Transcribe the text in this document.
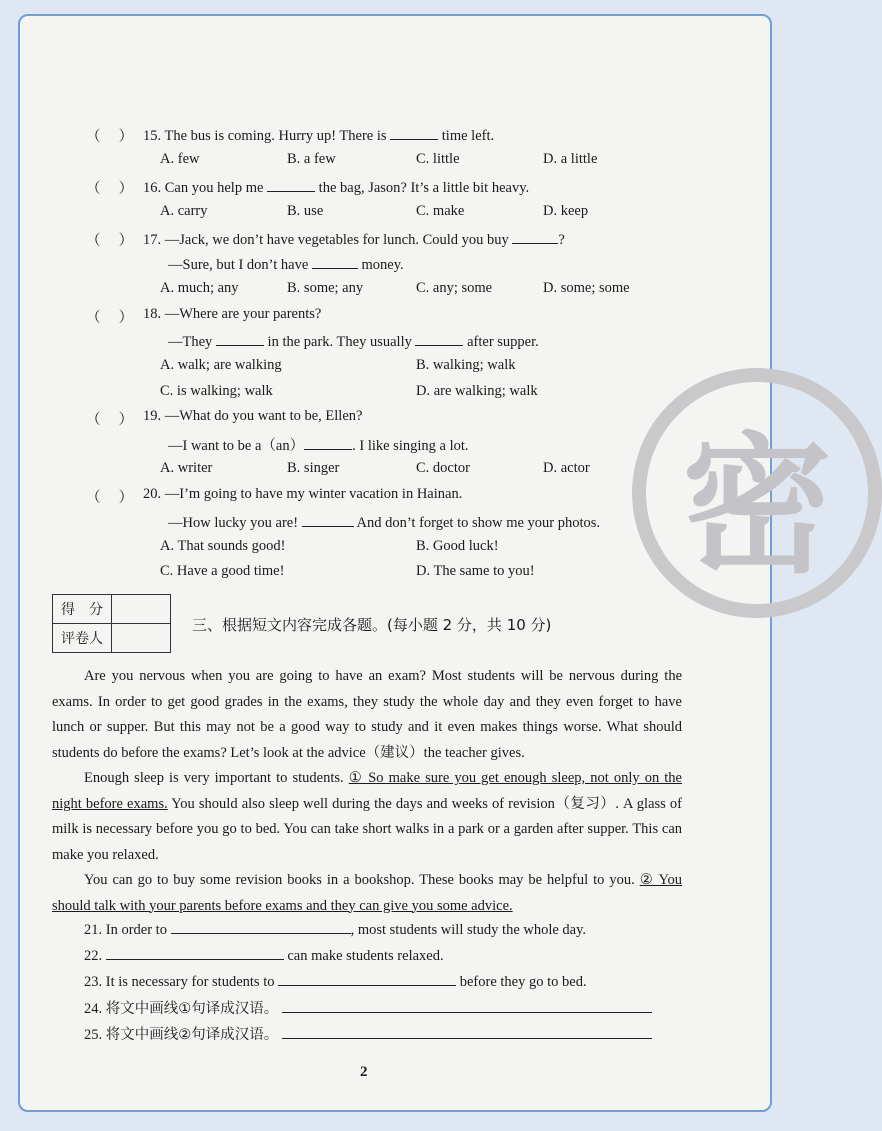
密
（  ） 15. The bus is coming. Hurry up! There is	time left.
A. few	B. a few	C. little	D. a little
（  ） 16. Can you help me	the bag, Jason? It’s a little bit heavy.
A. carry	B. use	C. make	D. keep
（  ） 17. —Jack, we don’t have vegetables for lunch. Could you buy	?
—Sure, but I don’t have	money.
A. much; any	B. some; any	C. any; some	D. some; some
（  ） 18. —Where are your parents?
—They	in the park. They usually	after supper.
A. walk; are walking	B. walking; walk
C. is walking; walk	D. are walking; walk
（  ） 19. —What do you want to be, Ellen?
—I want to be a（an）	. I like singing a lot.
A. writer	B. singer	C. doctor	D. actor
（  ） 20. —I’m going to have my winter vacation in Hainan.
—How lucky you are!	And don’t forget to show me your photos.
A. That sounds good!	B. Good luck!
C. Have a good time!	D. The same to you!
得　分	
评卷人	
三、根据短文内容完成各题。(每小题 2 分，共 10 分)
Are you nervous when you are going to have an exam? Most students will be nervous during the exams. In order to get good grades in the exams, they study the whole day and they even forget to have lunch or supper. But this may not be a good way to study and it even makes things worse. What should students do before the exams? Let’s look at the advice（建议）the teacher gives.
Enough sleep is very important to students. ① So make sure you get enough sleep, not only on the night before exams. You should also sleep well during the days and weeks of revision（复习）. A glass of milk is necessary before you go to bed. You can take short walks in a park or a garden after supper. This can make you relaxed.
You can go to buy some revision books in a bookshop. These books may be helpful to you. ② You should talk with your parents before exams and they can give you some advice.
21. In order to	, most students will study the whole day.
22.	can make students relaxed.
23. It is necessary for students to	before they go to bed.
24. 将文中画线①句译成汉语。
25. 将文中画线②句译成汉语。
2
